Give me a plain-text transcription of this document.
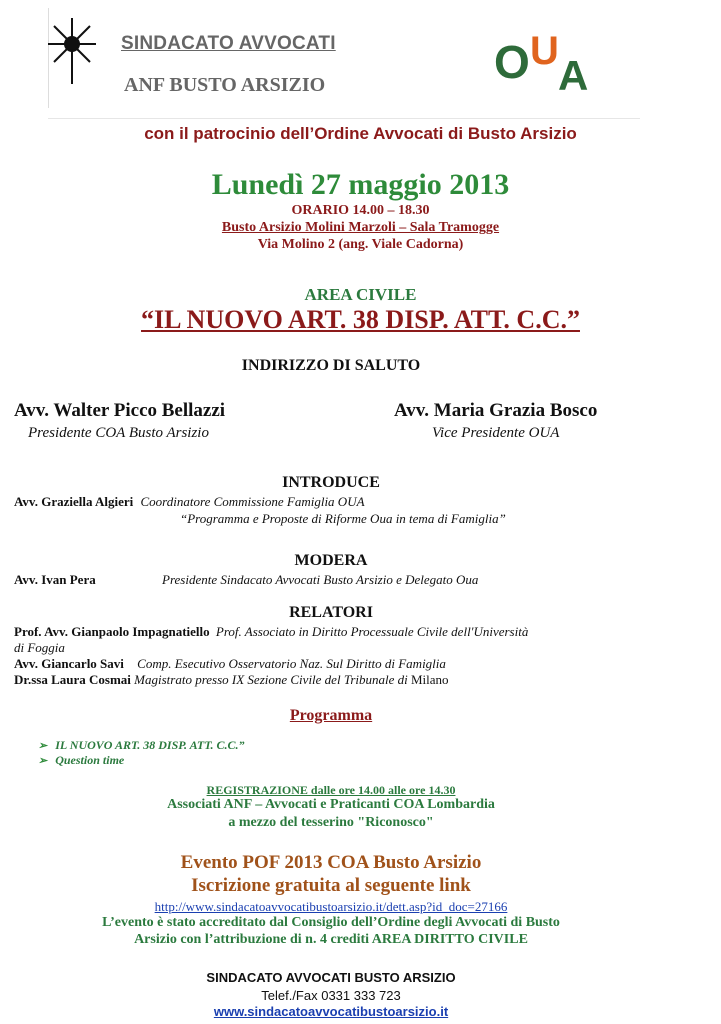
SINDACATO AVVOCATI
ANF BUSTO ARSIZIO	O U
A
con il patrocinio dell’Ordine Avvocati di Busto Arsizio
Lunedì 27 maggio 2013
ORARIO 14.00 – 18.30
Busto Arsizio Molini Marzoli – Sala Tramogge
Via Molino 2 (ang. Viale Cadorna)
AREA CIVILE
“IL NUOVO ART. 38 DISP. ATT. C.C.”
INDIRIZZO DI SALUTO
Avv. Walter Picco Bellazzi
Presidente COA Busto Arsizio
Avv. Maria Grazia Bosco
Vice Presidente OUA
INTRODUCE
Avv. Graziella Algieri Coordinatore Commissione Famiglia OUA
“Programma e Proposte di Riforme Oua in tema di Famiglia”
MODERA
Avv. Ivan Pera	Presidente Sindacato Avvocati Busto Arsizio e Delegato Oua
RELATORI
Prof. Avv. Gianpaolo Impagnatiello Prof. Associato in Diritto Processuale Civile dell'Università
di Foggia
Avv. Giancarlo Savi Comp. Esecutivo Osservatorio Naz. Sul Diritto di Famiglia
Dr.ssa Laura Cosmai Magistrato presso IX Sezione Civile del Tribunale di Milano
Programma
➢ IL NUOVO ART. 38 DISP. ATT. C.C.”
➢ Question time
REGISTRAZIONE dalle ore 14.00 alle ore 14.30
Associati ANF – Avvocati e Praticanti COA Lombardia
a mezzo del tesserino "Riconosco"
Evento POF 2013 COA Busto Arsizio
Iscrizione gratuita al seguente link
http://www.sindacatoavvocatibustoarsizio.it/dett.asp?id_doc=27166
L’evento è stato accreditato dal Consiglio dell’Ordine degli Avvocati di Busto
Arsizio con l’attribuzione di n. 4 crediti AREA DIRITTO CIVILE
SINDACATO AVVOCATI BUSTO ARSIZIO
Telef./Fax 0331 333 723
www.sindacatoavvocatibustoarsizio.it
